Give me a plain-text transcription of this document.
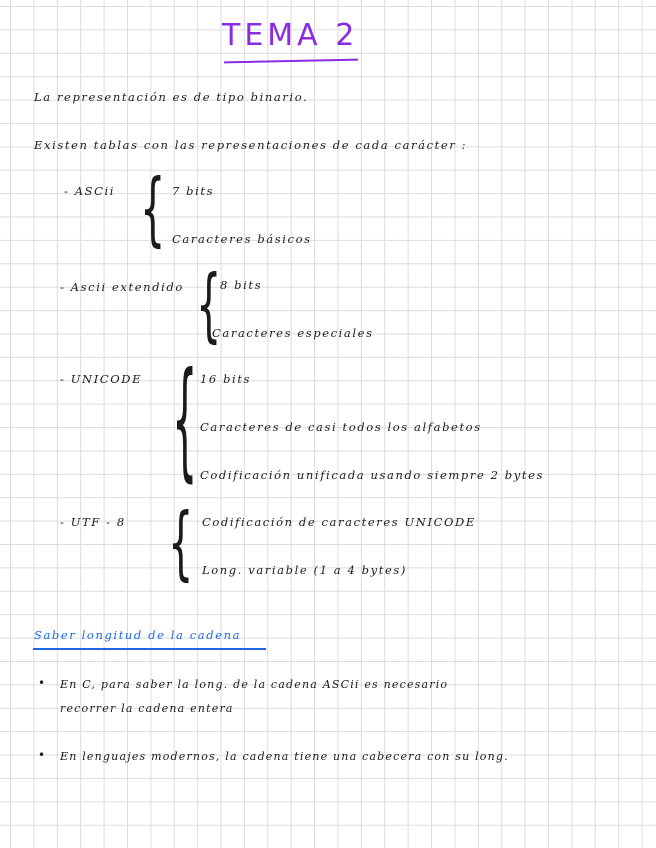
TEMA 2
La representación es de tipo binario.
Existen tablas con las representaciones de cada carácter :
- ASCii { 7 bits
Caracteres básicos
- Ascii extendido {
8 bits
Caracteres especiales
- UNICODE { 16 bits
Caracteres de casi todos los alfabetos
Codificación unificada usando siempre 2 bytes
- UTF - 8 { Codificación de caracteres UNICODE
Long. variable (1 a 4 bytes)
Saber longitud de la cadena
• En C, para saber la long. de la cadena ASCii es necesario
recorrer la cadena entera
• En lenguajes modernos, la cadena tiene una cabecera con su long.
